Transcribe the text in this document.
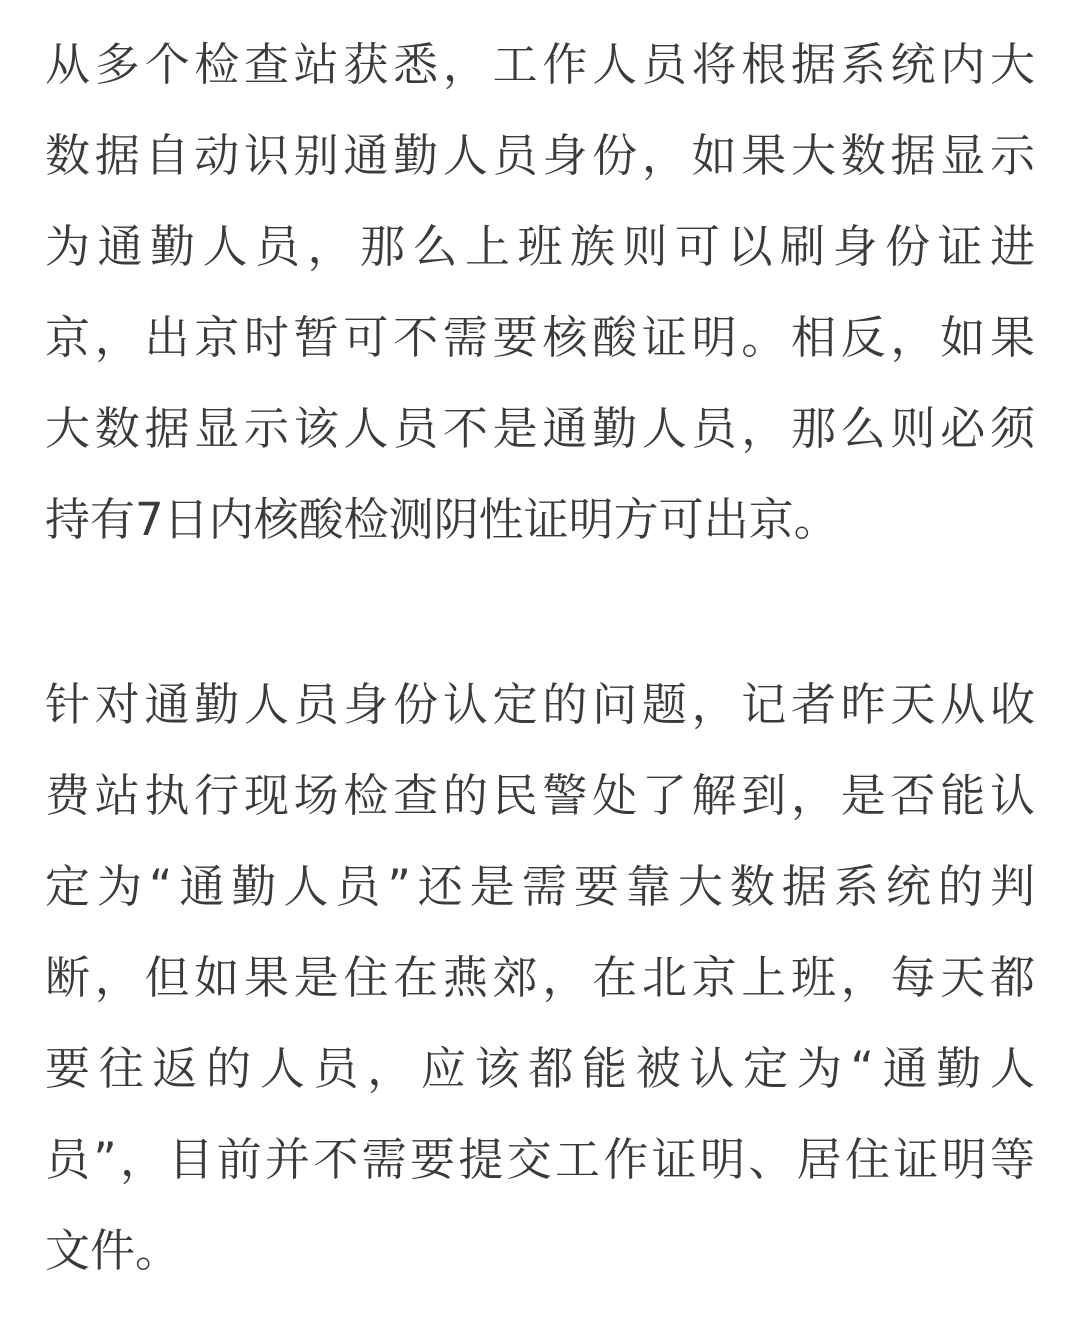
从多个检查站获悉，工作人员将根据系统内大
数据自动识别通勤人员身份，如果大数据显示
为通勤人员，那么上班族则可以刷身份证进
京，出京时暂可不需要核酸证明。相反，如果
大数据显示该人员不是通勤人员，那么则必须
持有7日内核酸检测阴性证明方可出京。
针对通勤人员身份认定的问题，记者昨天从收
费站执行现场检查的民警处了解到，是否能认
定为“通勤人员”还是需要靠大数据系统的判
断，但如果是住在燕郊，在北京上班，每天都
要往返的人员，应该都能被认定为“通勤人
员”，目前并不需要提交工作证明、居住证明等
文件。
